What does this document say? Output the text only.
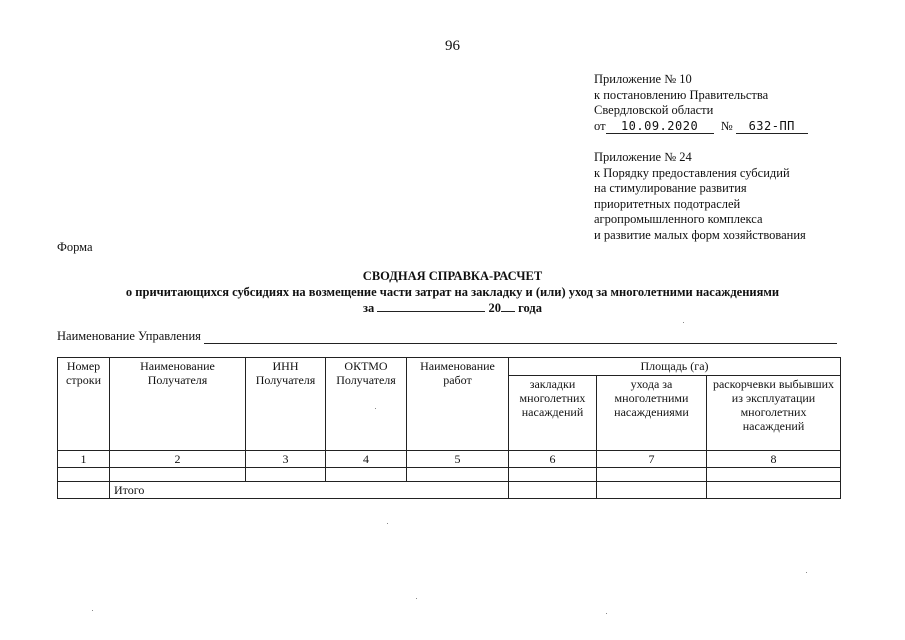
96
Приложение № 10
к постановлению Правительства
Свердловской области
от 10.09.2020 № 632-ПП
Приложение № 24
к Порядку предоставления субсидий
на стимулирование развития
приоритетных подотраслей
агропромышленного комплекса
и развитие малых форм хозяйствования
Форма
СВОДНАЯ СПРАВКА-РАСЧЕТ
о причитающихся субсидиях на возмещение части затрат на закладку и (или) уход за многолетними насаждениями
за	20 года
Наименование Управления
Номер строки	Наименование Получателя	ИНН Получателя	ОКТМО Получателя	Наименование работ	Площадь (га)		
					закладки многолетних насаждений	ухода за многолетними насаждениями	раскорчевки выбывших из эксплуатации многолетних насаждений
1	2	3	4	5	6	7	8

	Итого						
